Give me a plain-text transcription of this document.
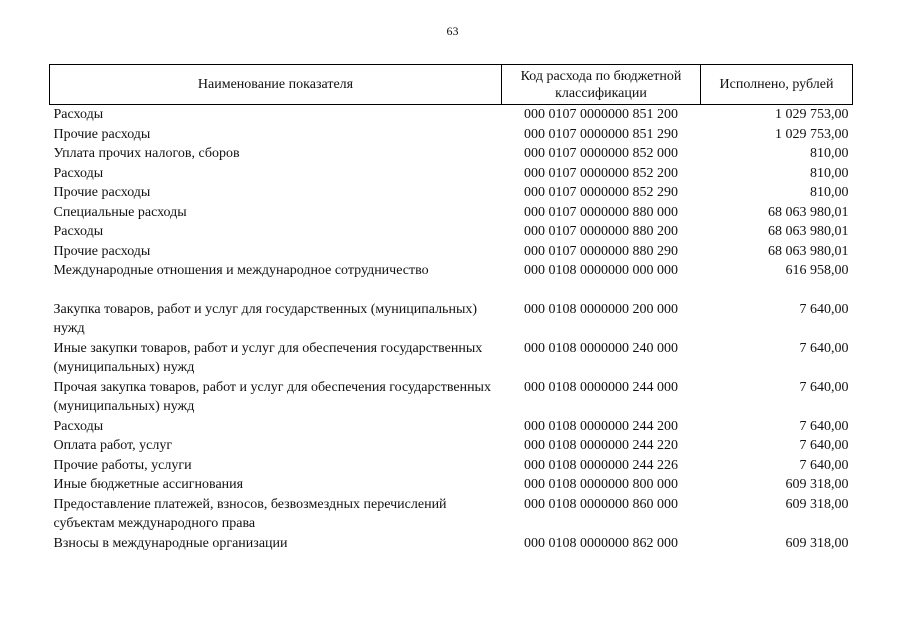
63
Наименование показателя	Код расхода по бюджетной классификации	Исполнено, рублей
Расходы	000 0107 0000000 851 200	1 029 753,00
Прочие расходы	000 0107 0000000 851 290	1 029 753,00
Уплата прочих налогов, сборов	000 0107 0000000 852 000	810,00
Расходы	000 0107 0000000 852 200	810,00
Прочие расходы	000 0107 0000000 852 290	810,00
Специальные расходы	000 0107 0000000 880 000	68 063 980,01
Расходы	000 0107 0000000 880 200	68 063 980,01
Прочие расходы	000 0107 0000000 880 290	68 063 980,01
Международные отношения и международное сотрудничество	000 0108 0000000 000 000	616 958,00

Закупка товаров, работ и услуг для государственных (муниципальных) нужд	000 0108 0000000 200 000	7 640,00
Иные закупки товаров, работ и услуг для обеспечения государственных (муниципальных) нужд	000 0108 0000000 240 000	7 640,00
Прочая закупка товаров, работ и услуг для обеспечения государственных (муниципальных) нужд	000 0108 0000000 244 000	7 640,00
Расходы	000 0108 0000000 244 200	7 640,00
Оплата работ, услуг	000 0108 0000000 244 220	7 640,00
Прочие работы, услуги	000 0108 0000000 244 226	7 640,00
Иные бюджетные ассигнования	000 0108 0000000 800 000	609 318,00
Предоставление платежей, взносов, безвозмездных перечислений субъектам международного права	000 0108 0000000 860 000	609 318,00
Взносы в международные организации	000 0108 0000000 862 000	609 318,00
